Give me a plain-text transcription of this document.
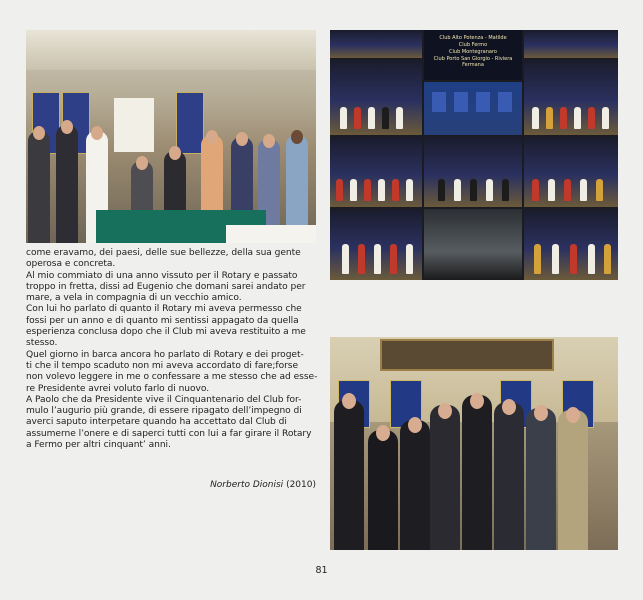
Club Alto Potenza - Matilde
Club Fermo
Club Montegranaro
Club Porto San Giorgio - Riviera Fermana

come eravamo, dei paesi, delle sue bellezze, della sua gente

operosa e concreta.

Al mio commiato di una anno vissuto per il Rotary e passato

troppo in fretta, dissi ad Eugenio che domani sarei andato per

mare, a vela in compagnia di un vecchio amico.

Con lui ho parlato di quanto il Rotary mi aveva permesso che

fossi per un anno e di quanto mi sentissi appagato da quella

esperienza conclusa dopo che il Club mi aveva restituito a me

stesso.

Quel giorno in barca ancora ho parlato di Rotary e dei proget-

ti che il tempo scaduto non mi aveva accordato di fare;forse

non volevo leggere in me o confessare a me stesso che ad esse-

re Presidente avrei voluto farlo di nuovo.

A Paolo che da Presidente vive il Cinquantenario del Club for-

mulo l’augurio più grande, di essere ripagato dell’impegno di

averci saputo interpetare quando ha accettato dal Club di

assumerne l’onere e di saperci tutti con lui a far girare il Rotary

a Fermo per altri cinquant’ anni.

Norberto Dionisi (2010)
81
